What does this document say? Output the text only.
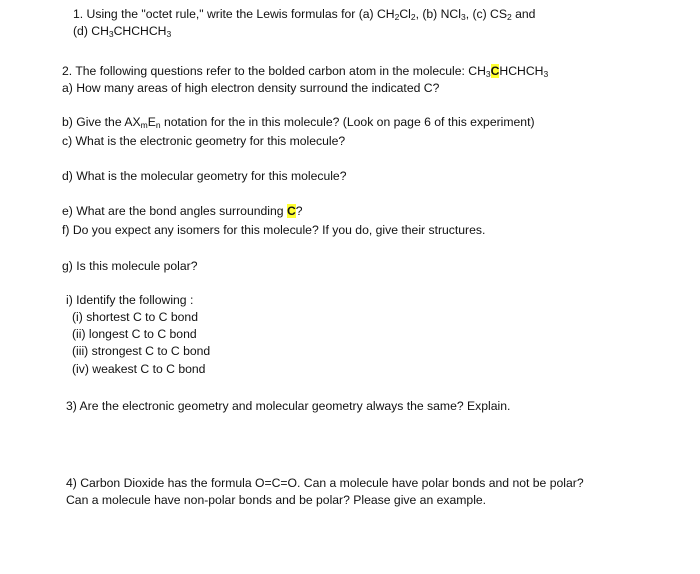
1. Using the "octet rule," write the Lewis formulas for (a) $CH_2Cl_2$, (b) NCl$_3$, (c) $CS_2$ and
(d) $CH_3CHCHCH_3$
2. The following questions refer to the bolded carbon atom in the molecule: $CH_3CHCHCH_3$
a) How many areas of high electron density surround the indicated C?
b) Give the $AX_mE_n$ notation for the in this molecule? (Look on page 6 of this experiment)
c) What is the electronic geometry for this molecule?
d) What is the molecular geometry for this molecule?
e) What are the bond angles surrounding C?
f) Do you expect any isomers for this molecule? If you do, give their structures.
g) Is this molecule polar?
i) Identify the following :
(i) shortest C to C bond
(ii) longest C to C bond
(iii) strongest C to C bond
(iv) weakest C to C bond
3) Are the electronic geometry and molecular geometry always the same? Explain.
4) Carbon Dioxide has the formula O=C=O. Can a molecule have polar bonds and not be polar?
Can a molecule have non-polar bonds and be polar? Please give an example.
